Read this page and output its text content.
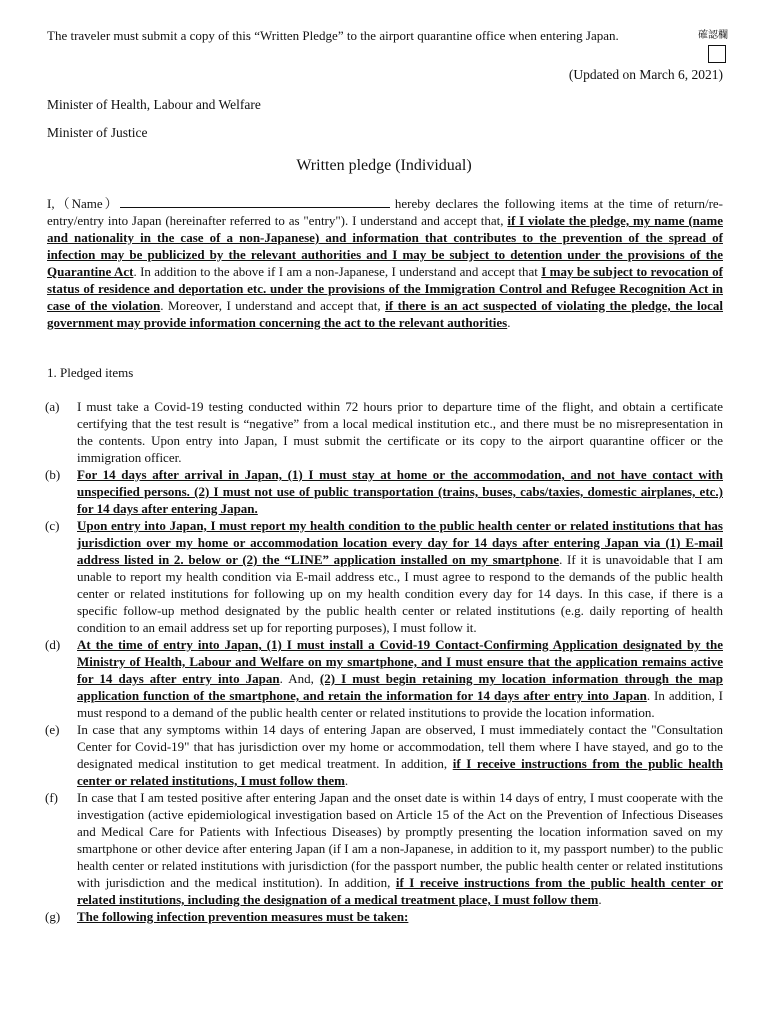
The traveler must submit a copy of this “Written Pledge” to the airport quarantine office when entering Japan.	確認欄
(Updated on March 6, 2021)
Minister of Health, Labour and Welfare
Minister of Justice
Written pledge (Individual)
I,（Name）	hereby declares the following items at the time of return/re-entry/entry into Japan (hereinafter referred to as "entry"). I understand and accept that, if I violate the pledge, my name (name and nationality in the case of a non-Japanese) and information that contributes to the prevention of the spread of infection may be publicized by the relevant authorities and I may be subject to detention under the provisions of the Quarantine Act. In addition to the above if I am a non-Japanese, I understand and accept that I may be subject to revocation of status of residence and deportation etc. under the provisions of the Immigration Control and Refugee Recognition Act in case of the violation. Moreover, I understand and accept that, if there is an act suspected of violating the pledge, the local government may provide information concerning the act to the relevant authorities.
1. Pledged items
(a)	I must take a Covid-19 testing conducted within 72 hours prior to departure time of the flight, and obtain a certificate certifying that the test result is “negative” from a local medical institution etc., and there must be no misrepresentation in the contents. Upon entry into Japan, I must submit the certificate or its copy to the airport quarantine officer or the immigration officer.
(b)	For 14 days after arrival in Japan, (1) I must stay at home or the accommodation, and not have contact with unspecified persons. (2) I must not use of public transportation (trains, buses, cabs/taxies, domestic airplanes, etc.) for 14 days after entering Japan.
(c)	Upon entry into Japan, I must report my health condition to the public health center or related institutions that has jurisdiction over my home or accommodation location every day for 14 days after entering Japan via (1) E-mail address listed in 2. below or (2) the “LINE” application installed on my smartphone. If it is unavoidable that I am unable to report my health condition via E-mail address etc., I must agree to respond to the demands of the public health center or related institutions for following up on my health condition every day for 14 days. In this case, if there is a specific follow-up method designated by the public health center or related institutions (e.g. daily reporting of health condition to an email address set up for reporting purposes), I must follow it.
(d)	At the time of entry into Japan, (1) I must install a Covid-19 Contact-Confirming Application designated by the Ministry of Health, Labour and Welfare on my smartphone, and I must ensure that the application remains active for 14 days after entry into Japan. And, (2) I must begin retaining my location information through the map application function of the smartphone, and retain the information for 14 days after entry into Japan. In addition, I must respond to a demand of the public health center or related institutions to provide the location information.
(e)	In case that any symptoms within 14 days of entering Japan are observed, I must immediately contact the "Consultation Center for Covid-19" that has jurisdiction over my home or accommodation, tell them where I have stayed, and go to the designated medical institution to get medical treatment. In addition, if I receive instructions from the public health center or related institutions, I must follow them.
(f)	In case that I am tested positive after entering Japan and the onset date is within 14 days of entry, I must cooperate with the investigation (active epidemiological investigation based on Article 15 of the Act on the Prevention of Infectious Diseases and Medical Care for Patients with Infectious Diseases) by promptly presenting the location information saved on my smartphone or other device after entering Japan (if I am a non-Japanese, in addition to it, my passport number) to the public health center or related institutions with jurisdiction (for the passport number, the public health center or related institutions with jurisdiction and the medical institution). In addition, if I receive instructions from the public health center or related institutions, including the designation of a medical treatment place, I must follow them.
(g)	The following infection prevention measures must be taken:
